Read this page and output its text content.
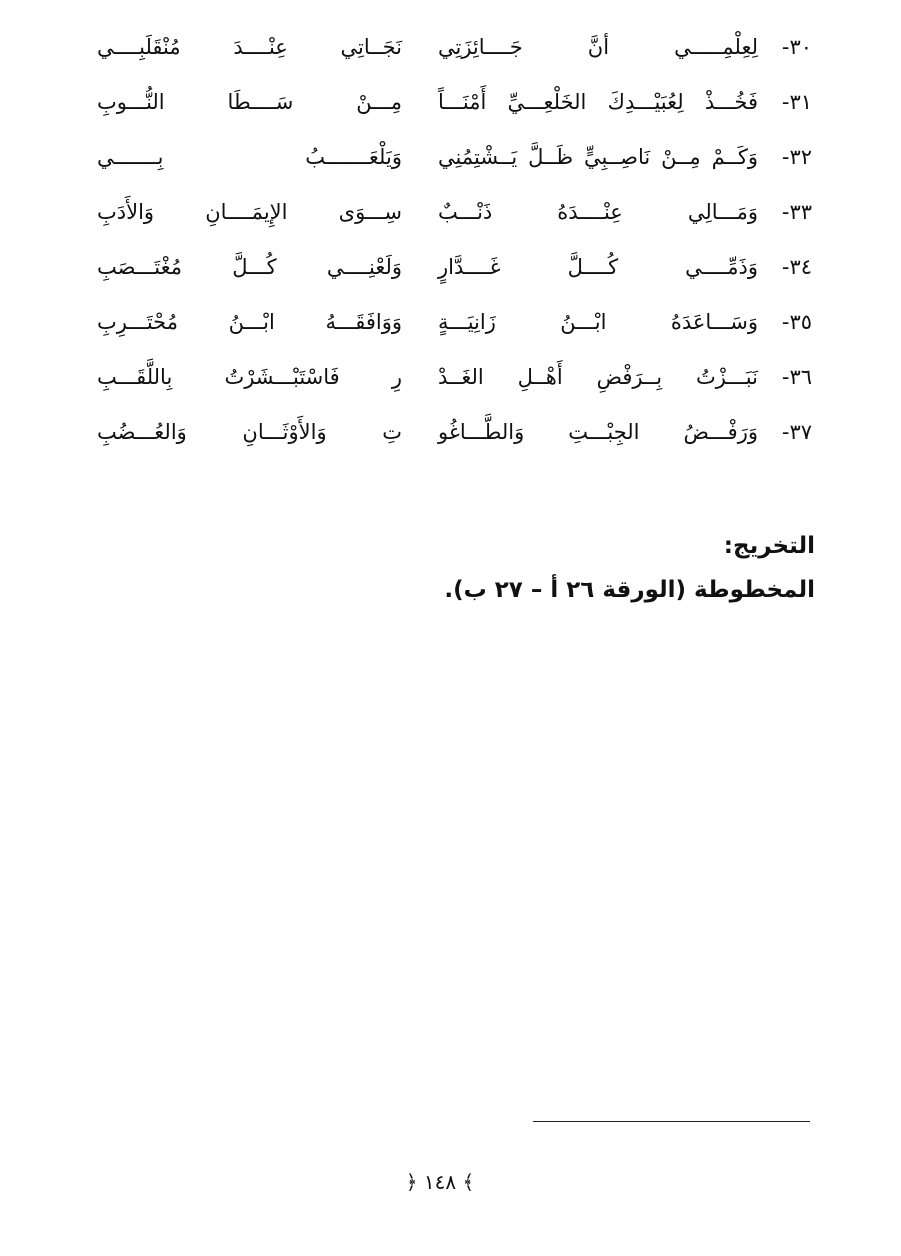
٣٠-
لِعِلْمِـــــي أنَّ جَــــائِزَتِي
نَجَــاتِي عِنْــــدَ مُنْقَلَبِــــي
٣١-
فَخُـــذْ لِعُبَيْـــدِكَ الخَلْعِـــيِّ أَمْنَـــاً
مِـــنْ سَــــطَا النُّـــوبِ
٣٢-
وَكَــمْ مِــنْ نَاصِــبِيٍّ ظَــلَّ يَــشْتِمُنِي
وَيَلْعَـــــــبُ بِـــــــي
٣٣-
وَمَـــالِي عِنْــــدَهُ ذَنْـــبٌ
سِـــوَى الإِيمَــــانِ وَالأَدَبِ
٣٤-
وَذَمِّــــي كُــــلَّ غَــــدَّارٍ
وَلَعْنِــــي كُـــلَّ مُغْتَـــصَبِ
٣٥-
وَسَـــاعَدَهُ ابْـــنُ زَانِيَـــةٍ
وَوَافَقَـــهُ ابْـــنُ مُحْتَـــرِبِ
٣٦-
نَبَـــزْتُ بِــرَفْضِ أَهْــلِ الغَــدْ
رِ فَاسْتَبْـــشَرْتُ بِاللَّقَـــبِ
٣٧-
وَرَفْـــضُ الجِبْـــتِ وَالطَّـــاغُو
تِ وَالأَوْثَـــانِ وَالعُـــضُبِ
التخريج:
المخطوطة (الورقة ٢٦ أ – ٢٧ ب).
﴿ ١٤٨ ﴾
